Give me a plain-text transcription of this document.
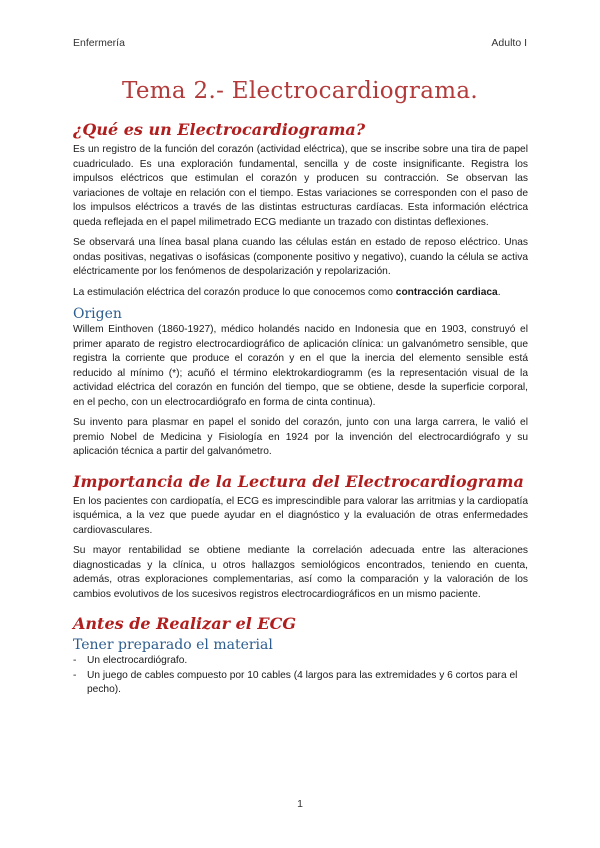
Enfermería	Adulto I
Tema 2.- Electrocardiograma.
¿Qué es un Electrocardiograma?

Es un registro de la función del corazón (actividad eléctrica), que se inscribe sobre una tira de papel cuadriculado. Es una exploración fundamental, sencilla y de coste insignificante. Registra los impulsos eléctricos que estimulan el corazón y producen su contracción. Se observan las variaciones de voltaje en relación con el tiempo. Estas variaciones se corresponden con el paso de los impulsos eléctricos a través de las distintas estructuras cardíacas. Esta información eléctrica queda reflejada en el papel milimetrado ECG mediante un trazado con distintas deflexiones.

Se observará una línea basal plana cuando las células están en estado de reposo eléctrico. Unas ondas positivas, negativas o isofásicas (componente positivo y negativo), cuando la célula se activa eléctricamente por los fenómenos de despolarización y repolarización.

La estimulación eléctrica del corazón produce lo que conocemos como contracción cardiaca.

Origen

Willem Einthoven (1860-1927), médico holandés nacido en Indonesia que en 1903, construyó el primer aparato de registro electrocardiográfico de aplicación clínica: un galvanómetro sensible, que registra la corriente que produce el corazón y en el que la inercia del elemento sensible está reducido al mínimo (*); acuñó el término elektrokardiogramm (es la representación visual de la actividad eléctrica del corazón en función del tiempo, que se obtiene, desde la superficie corporal, en el pecho, con un electrocardiógrafo en forma de cinta continua).

Su invento para plasmar en papel el sonido del corazón, junto con una larga carrera, le valió el premio Nobel de Medicina y Fisiología en 1924 por la invención del electrocardiógrafo y su aplicación técnica a partir del galvanómetro.

Importancia de la Lectura del Electrocardiograma

En los pacientes con cardiopatía, el ECG es imprescindible para valorar las arritmias y la cardiopatía isquémica, a la vez que puede ayudar en el diagnóstico y la evaluación de otras enfermedades cardiovasculares.

Su mayor rentabilidad se obtiene mediante la correlación adecuada entre las alteraciones diagnosticadas y la clínica, u otros hallazgos semiológicos encontrados, teniendo en cuenta, además, otras exploraciones complementarias, así como la comparación y la valoración de los cambios evolutivos de los sucesivos registros electrocardiográficos en un mismo paciente.

Antes de Realizar el ECG
Tener preparado el material
- Un electrocardiógrafo.
- Un juego de cables compuesto por 10 cables (4 largos para las extremidades y 6 cortos para el pecho).
1
